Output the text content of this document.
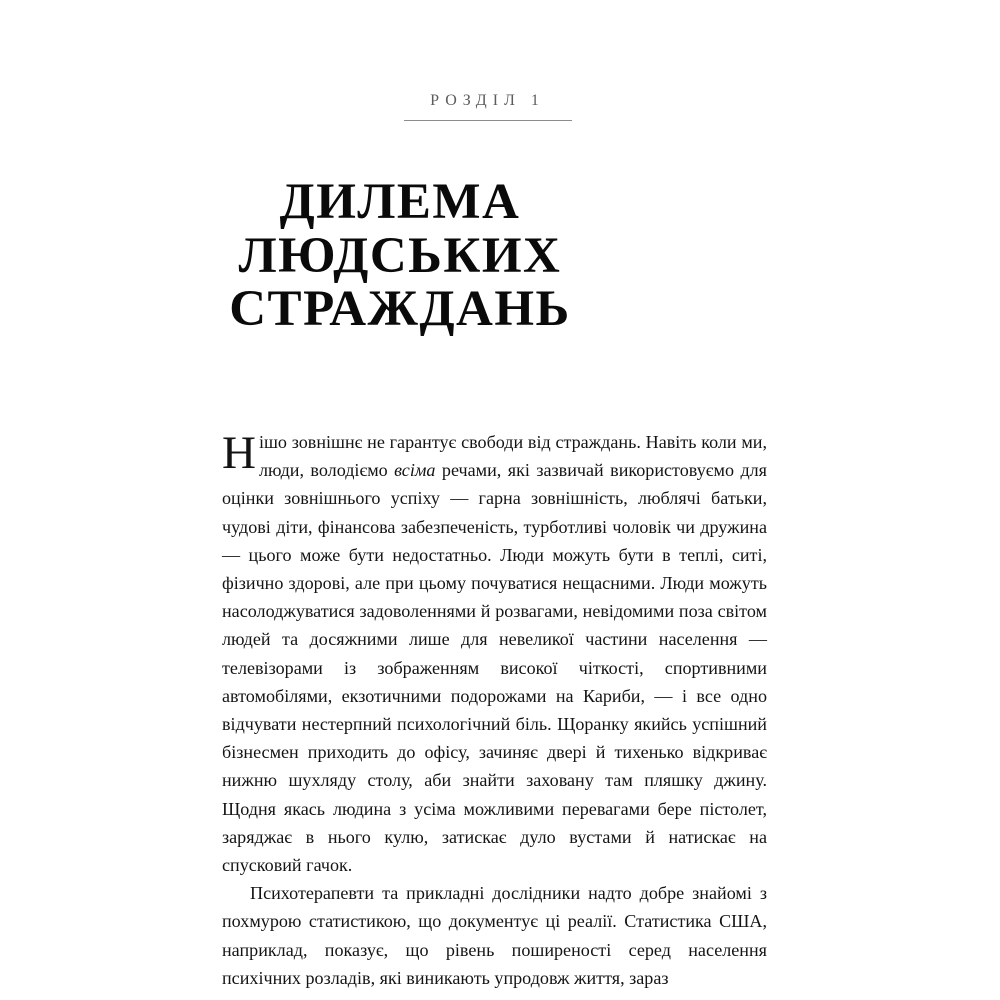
РОЗДІЛ 1
ДИЛЕМА
ЛЮДСЬКИХ
СТРАЖДАНЬ

Нішо зовнішнє не гарантує свободи від страждань. Навіть коли ми, люди, володіємо всіма речами, які зазвичай використовуємо для оцінки зовнішнього успіху — гарна зовнішність, люблячі батьки, чудові діти, фінансова забезпеченість, турботливі чоловік чи дружина — цього може бути недостатньо. Люди можуть бути в теплі, ситі, фізично здорові, але при цьому почуватися нещасними. Люди можуть насолоджуватися задоволеннями й розвагами, невідомими поза світом людей та досяжними лише для невеликої частини населення — телевізорами із зображенням високої чіткості, спортивними автомобілями, екзотичними подорожами на Кариби, — і все одно відчувати нестерпний психологічний біль. Щоранку якийсь успішний бізнесмен приходить до офісу, зачиняє двері й тихенько відкриває нижню шухляду столу, аби знайти заховану там пляшку джину. Щодня якась людина з усіма можливими перевагами бере пістолет, заряджає в нього кулю, затискає дуло вустами й натискає на спусковий гачок.

Психотерапевти та прикладні дослідники надто добре знайомі з похмурою статистикою, що документує ці реалії. Статистика США, наприклад, показує, що рівень поширеності серед населення психічних розладів, які виникають упродовж життя, зараз
